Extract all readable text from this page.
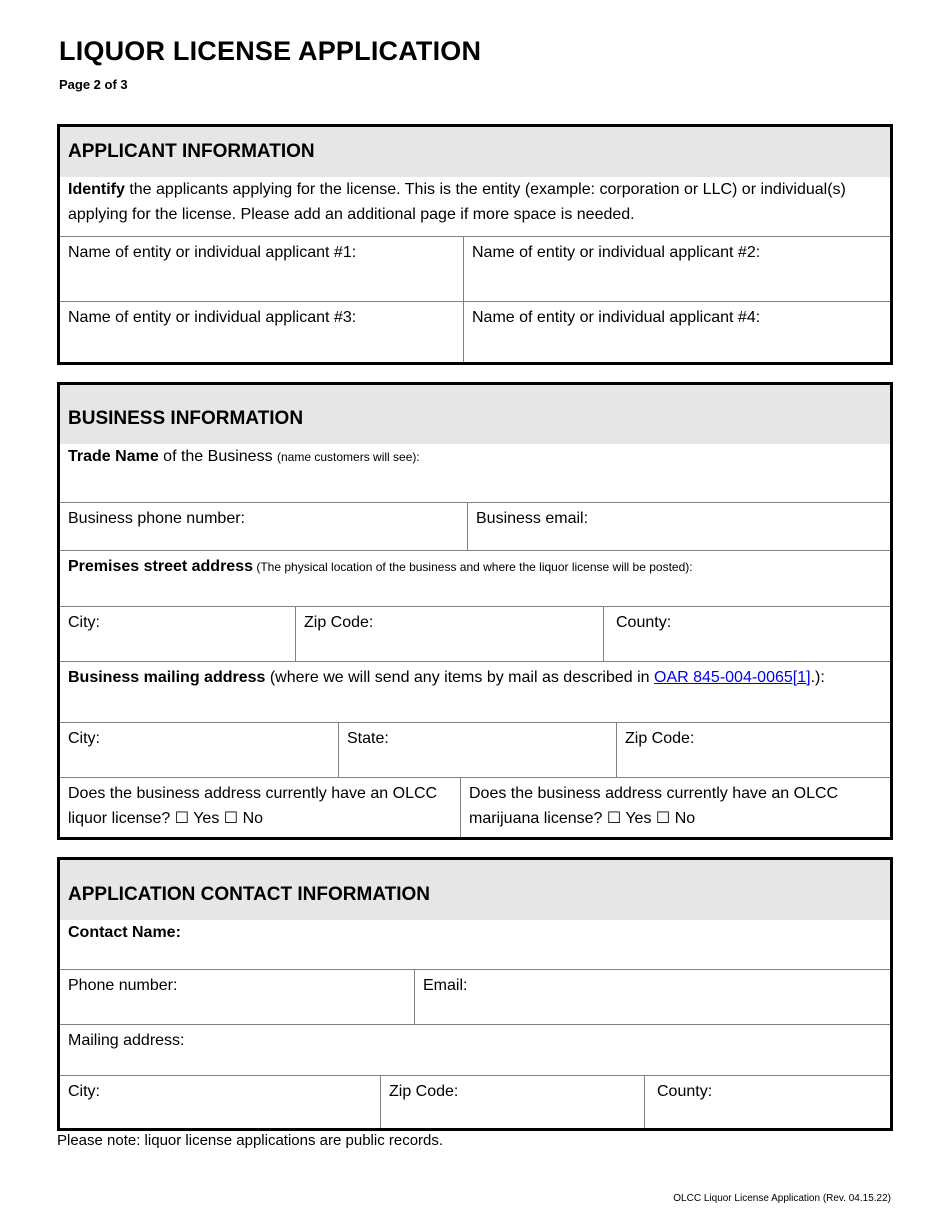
LIQUOR LICENSE APPLICATION
Page 2 of 3
APPLICANT INFORMATION
Identify the applicants applying for the license. This is the entity (example: corporation or LLC) or individual(s) applying for the license. Please add an additional page if more space is needed.
Name of entity or individual applicant #1:	Name of entity or individual applicant #2:
Name of entity or individual applicant #3:	Name of entity or individual applicant #4:
BUSINESS INFORMATION
Trade Name of the Business (name customers will see):
Business phone number:	Business email:
Premises street address (The physical location of the business and where the liquor license will be posted):
City:	Zip Code:	County:
Business mailing address (where we will send any items by mail as described in OAR 845-004-0065[1].):
City:	State:	Zip Code:
Does the business address currently have an OLCC liquor license? ☐ Yes ☐ No
Does the business address currently have an OLCC marijuana license? ☐ Yes ☐ No
APPLICATION CONTACT INFORMATION
Contact Name:
Phone number:	Email:
Mailing address:
City:	Zip Code:	County:
Please note: liquor license applications are public records.
OLCC Liquor License Application (Rev. 04.15.22)
